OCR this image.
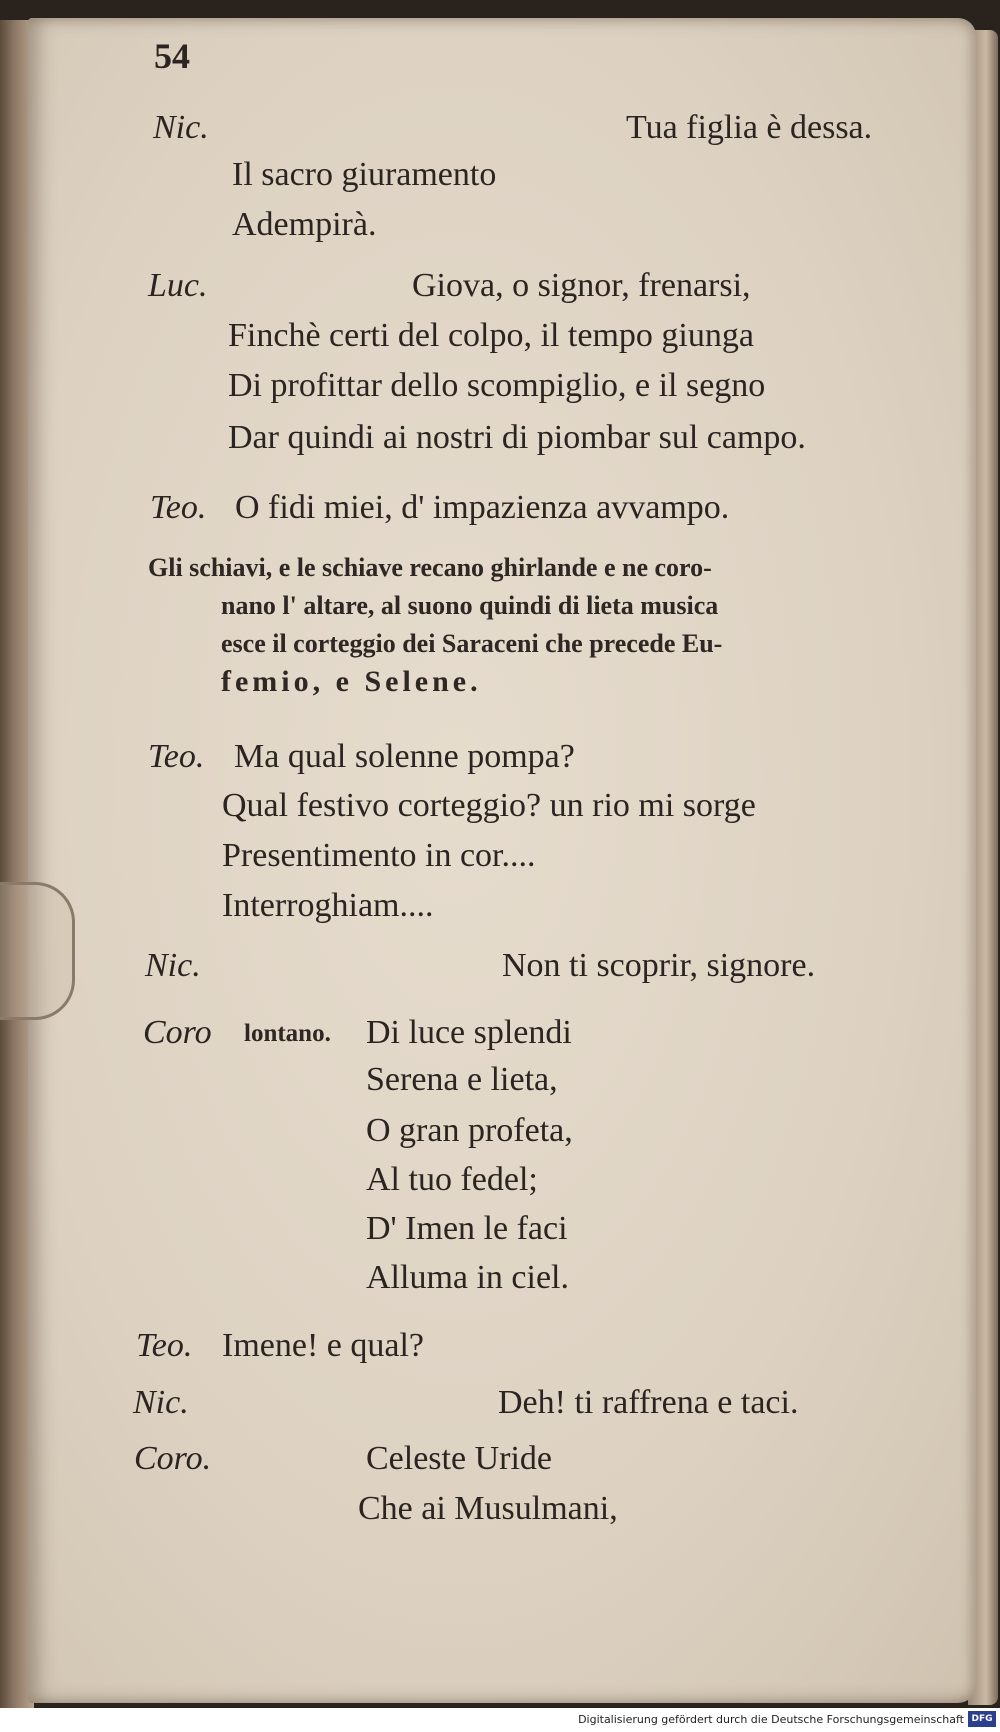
54
Nic.	Tua figlia è dessa.
Il sacro giuramento
Adempirà.
Luc.	Giova, o signor, frenarsi,
Finchè certi del colpo, il tempo giunga
Di profittar dello scompiglio, e il segno
Dar quindi ai nostri di piombar sul campo.
Teo. O fidi miei, d' impazienza avvampo.
Gli schiavi, e le schiave recano ghirlande e ne coro-
nano l' altare, al suono quindi di lieta musica
esce il corteggio dei Saraceni che precede Eu-
femio, e Selene.
Teo. Ma qual solenne pompa?
Qual festivo corteggio? un rio mi sorge
Presentimento in cor....
Interroghiam....
Nic.	Non ti scoprir, signore.
Coro lontano. Di luce splendi
Serena e lieta,
O gran profeta,
Al tuo fedel;
D' Imen le faci
Alluma in ciel.
Teo. Imene! e qual?
Nic.	Deh! ti raffrena e taci.
Coro.	Celeste Uride
Che ai Musulmani,
Digitalisierung gefördert durch die Deutsche Forschungsgemeinschaft DFG
